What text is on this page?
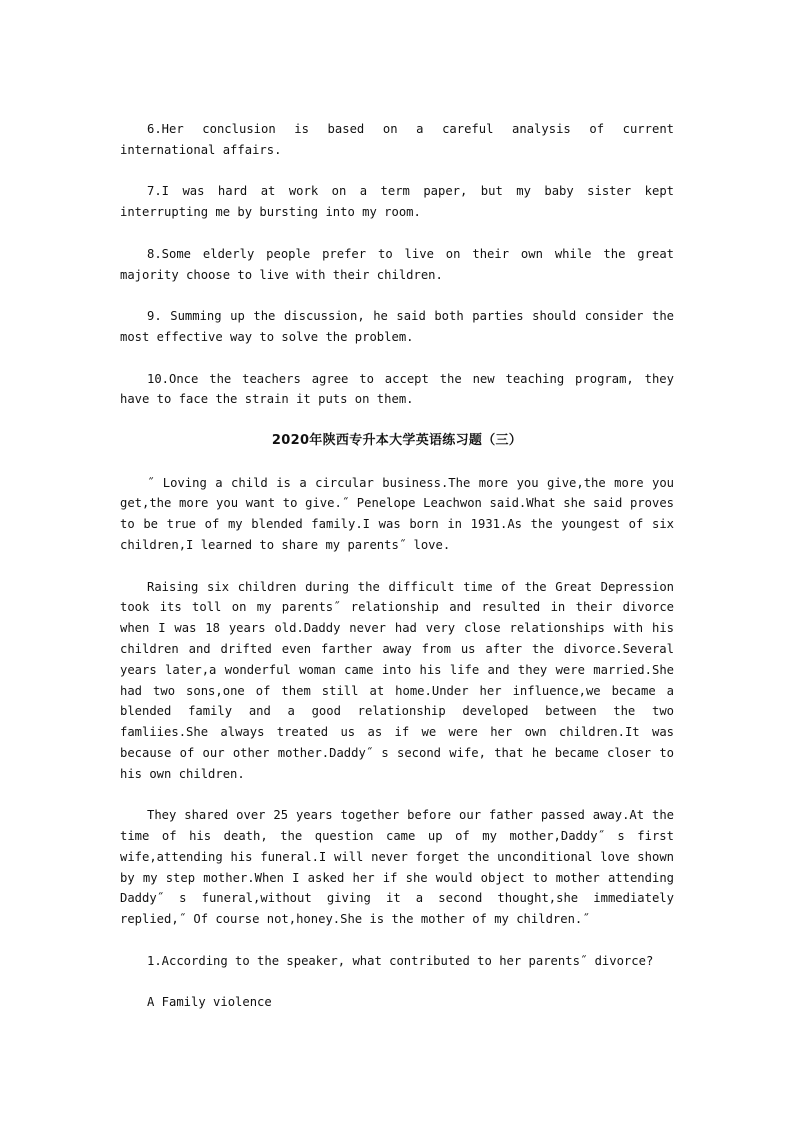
6.Her conclusion is based on a careful analysis of current international affairs.

7.I was hard at work on a term paper, but my baby sister kept interrupting me by bursting into my room.

8.Some elderly people prefer to live on their own while the great majority choose to live with their children.

9. Summing up the discussion, he said both parties should consider the most effective way to solve the problem.

10.Once the teachers agree to accept the new teaching program, they have to face the strain it puts on them.

2020年陕西专升本大学英语练习题（三）

˝ Loving a child is a circular business.The more you give,the more you get,the more you want to give.˝ Penelope Leachwon said.What she said proves to be true of my blended family.I was born in 1931.As the youngest of six children,I learned to share my parents˝ love.

Raising six children during the difficult time of the Great Depression took its toll on my parents˝ relationship and resulted in their divorce when I was 18 years old.Daddy never had very close relationships with his children and drifted even farther away from us after the divorce.Several years later,a wonderful woman came into his life and they were married.She had two sons,one of them still at home.Under her influence,we became a blended family and a good relationship developed between the two famliies.She always treated us as if we were her own children.It was because of our other mother.Daddy˝ s second wife, that he became closer to his own children.

They shared over 25 years together before our father passed away.At the time of his death, the question came up of my mother,Daddy˝ s first wife,attending his funeral.I will never forget the unconditional love shown by my step mother.When I asked her if she would object to mother attending Daddy˝ s funeral,without giving it a second thought,she immediately replied,˝ Of course not,honey.She is the mother of my children.˝

1.According to the speaker, what contributed to her parents˝ divorce?

A Family violence
